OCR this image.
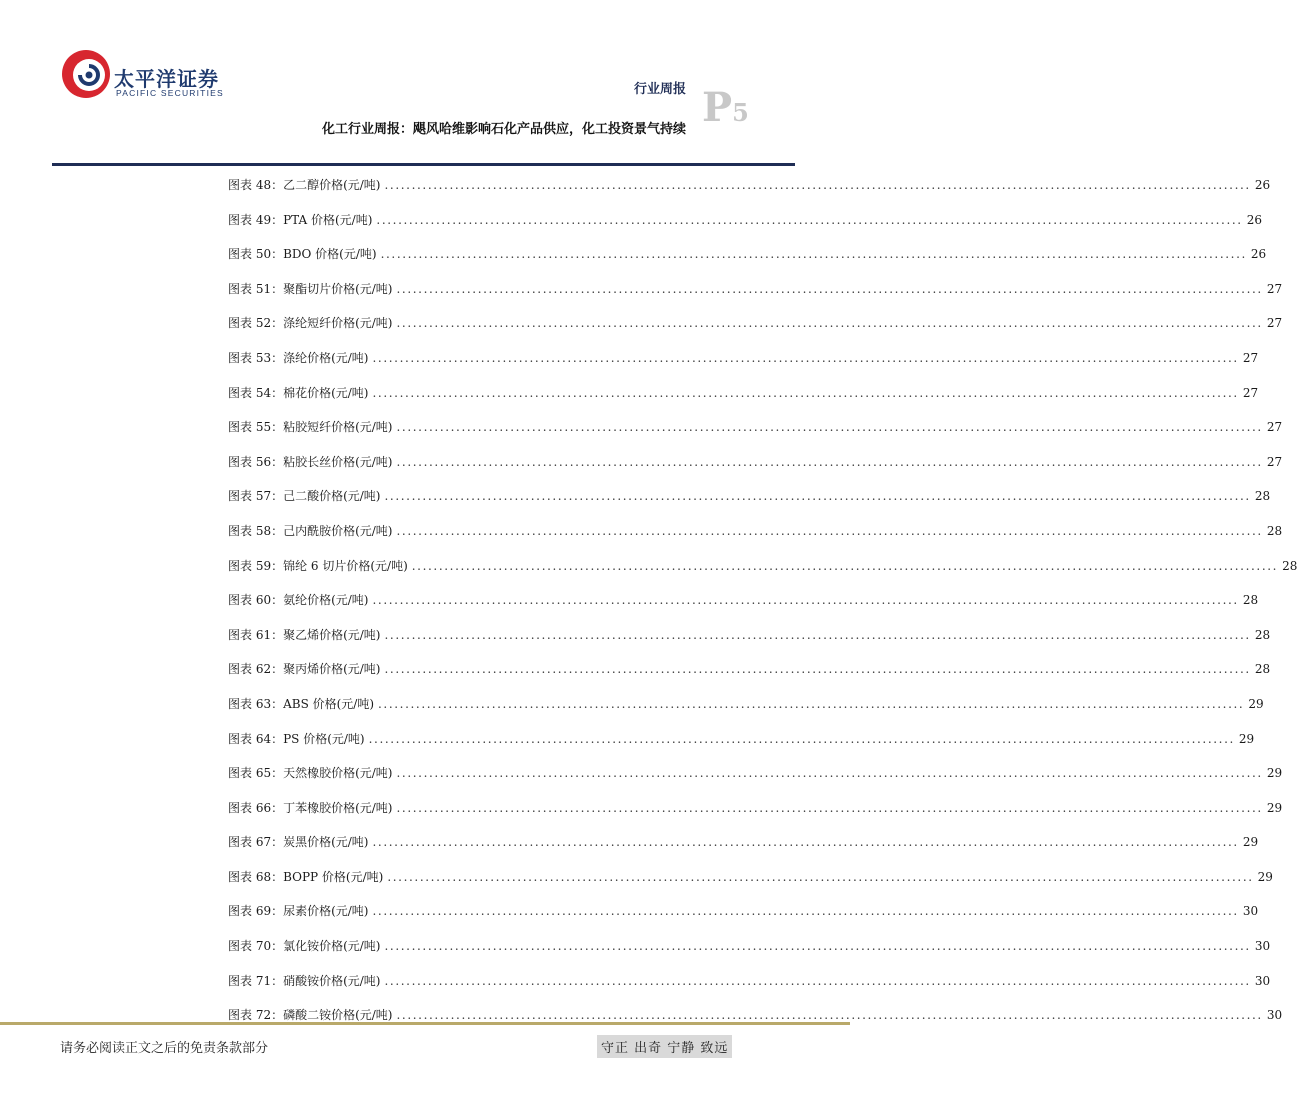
太平洋证券
PACIFIC SECURITIES	行业周报 P5
化工行业周报：飓风哈维影响石化产品供应，化工投资景气持续
图表 48：乙二醇价格(元/吨) ................................................................................................................................................................ 26
图表 49：PTA 价格(元/吨) ................................................................................................................................................................ 26
图表 50：BDO 价格(元/吨) ................................................................................................................................................................ 26
图表 51：聚酯切片价格(元/吨) ................................................................................................................................................................ 27
图表 52：涤纶短纤价格(元/吨) ................................................................................................................................................................ 27
图表 53：涤纶价格(元/吨) ................................................................................................................................................................ 27
图表 54：棉花价格(元/吨) ................................................................................................................................................................ 27
图表 55：粘胶短纤价格(元/吨) ................................................................................................................................................................ 27
图表 56：粘胶长丝价格(元/吨) ................................................................................................................................................................ 27
图表 57：己二酸价格(元/吨) ................................................................................................................................................................ 28
图表 58：己内酰胺价格(元/吨) ................................................................................................................................................................ 28
图表 59：锦纶 6 切片价格(元/吨) ................................................................................................................................................................ 28
图表 60：氨纶价格(元/吨) ................................................................................................................................................................ 28
图表 61：聚乙烯价格(元/吨) ................................................................................................................................................................ 28
图表 62：聚丙烯价格(元/吨) ................................................................................................................................................................ 28
图表 63：ABS 价格(元/吨) ................................................................................................................................................................ 29
图表 64：PS 价格(元/吨) ................................................................................................................................................................ 29
图表 65：天然橡胶价格(元/吨) ................................................................................................................................................................ 29
图表 66：丁苯橡胶价格(元/吨) ................................................................................................................................................................ 29
图表 67：炭黑价格(元/吨) ................................................................................................................................................................ 29
图表 68：BOPP 价格(元/吨) ................................................................................................................................................................ 29
图表 69：尿素价格(元/吨) ................................................................................................................................................................ 30
图表 70：氯化铵价格(元/吨) ................................................................................................................................................................ 30
图表 71：硝酸铵价格(元/吨) ................................................................................................................................................................ 30
图表 72：磷酸二铵价格(元/吨) ................................................................................................................................................................ 30
请务必阅读正文之后的免责条款部分	守正 出奇 宁静 致远
